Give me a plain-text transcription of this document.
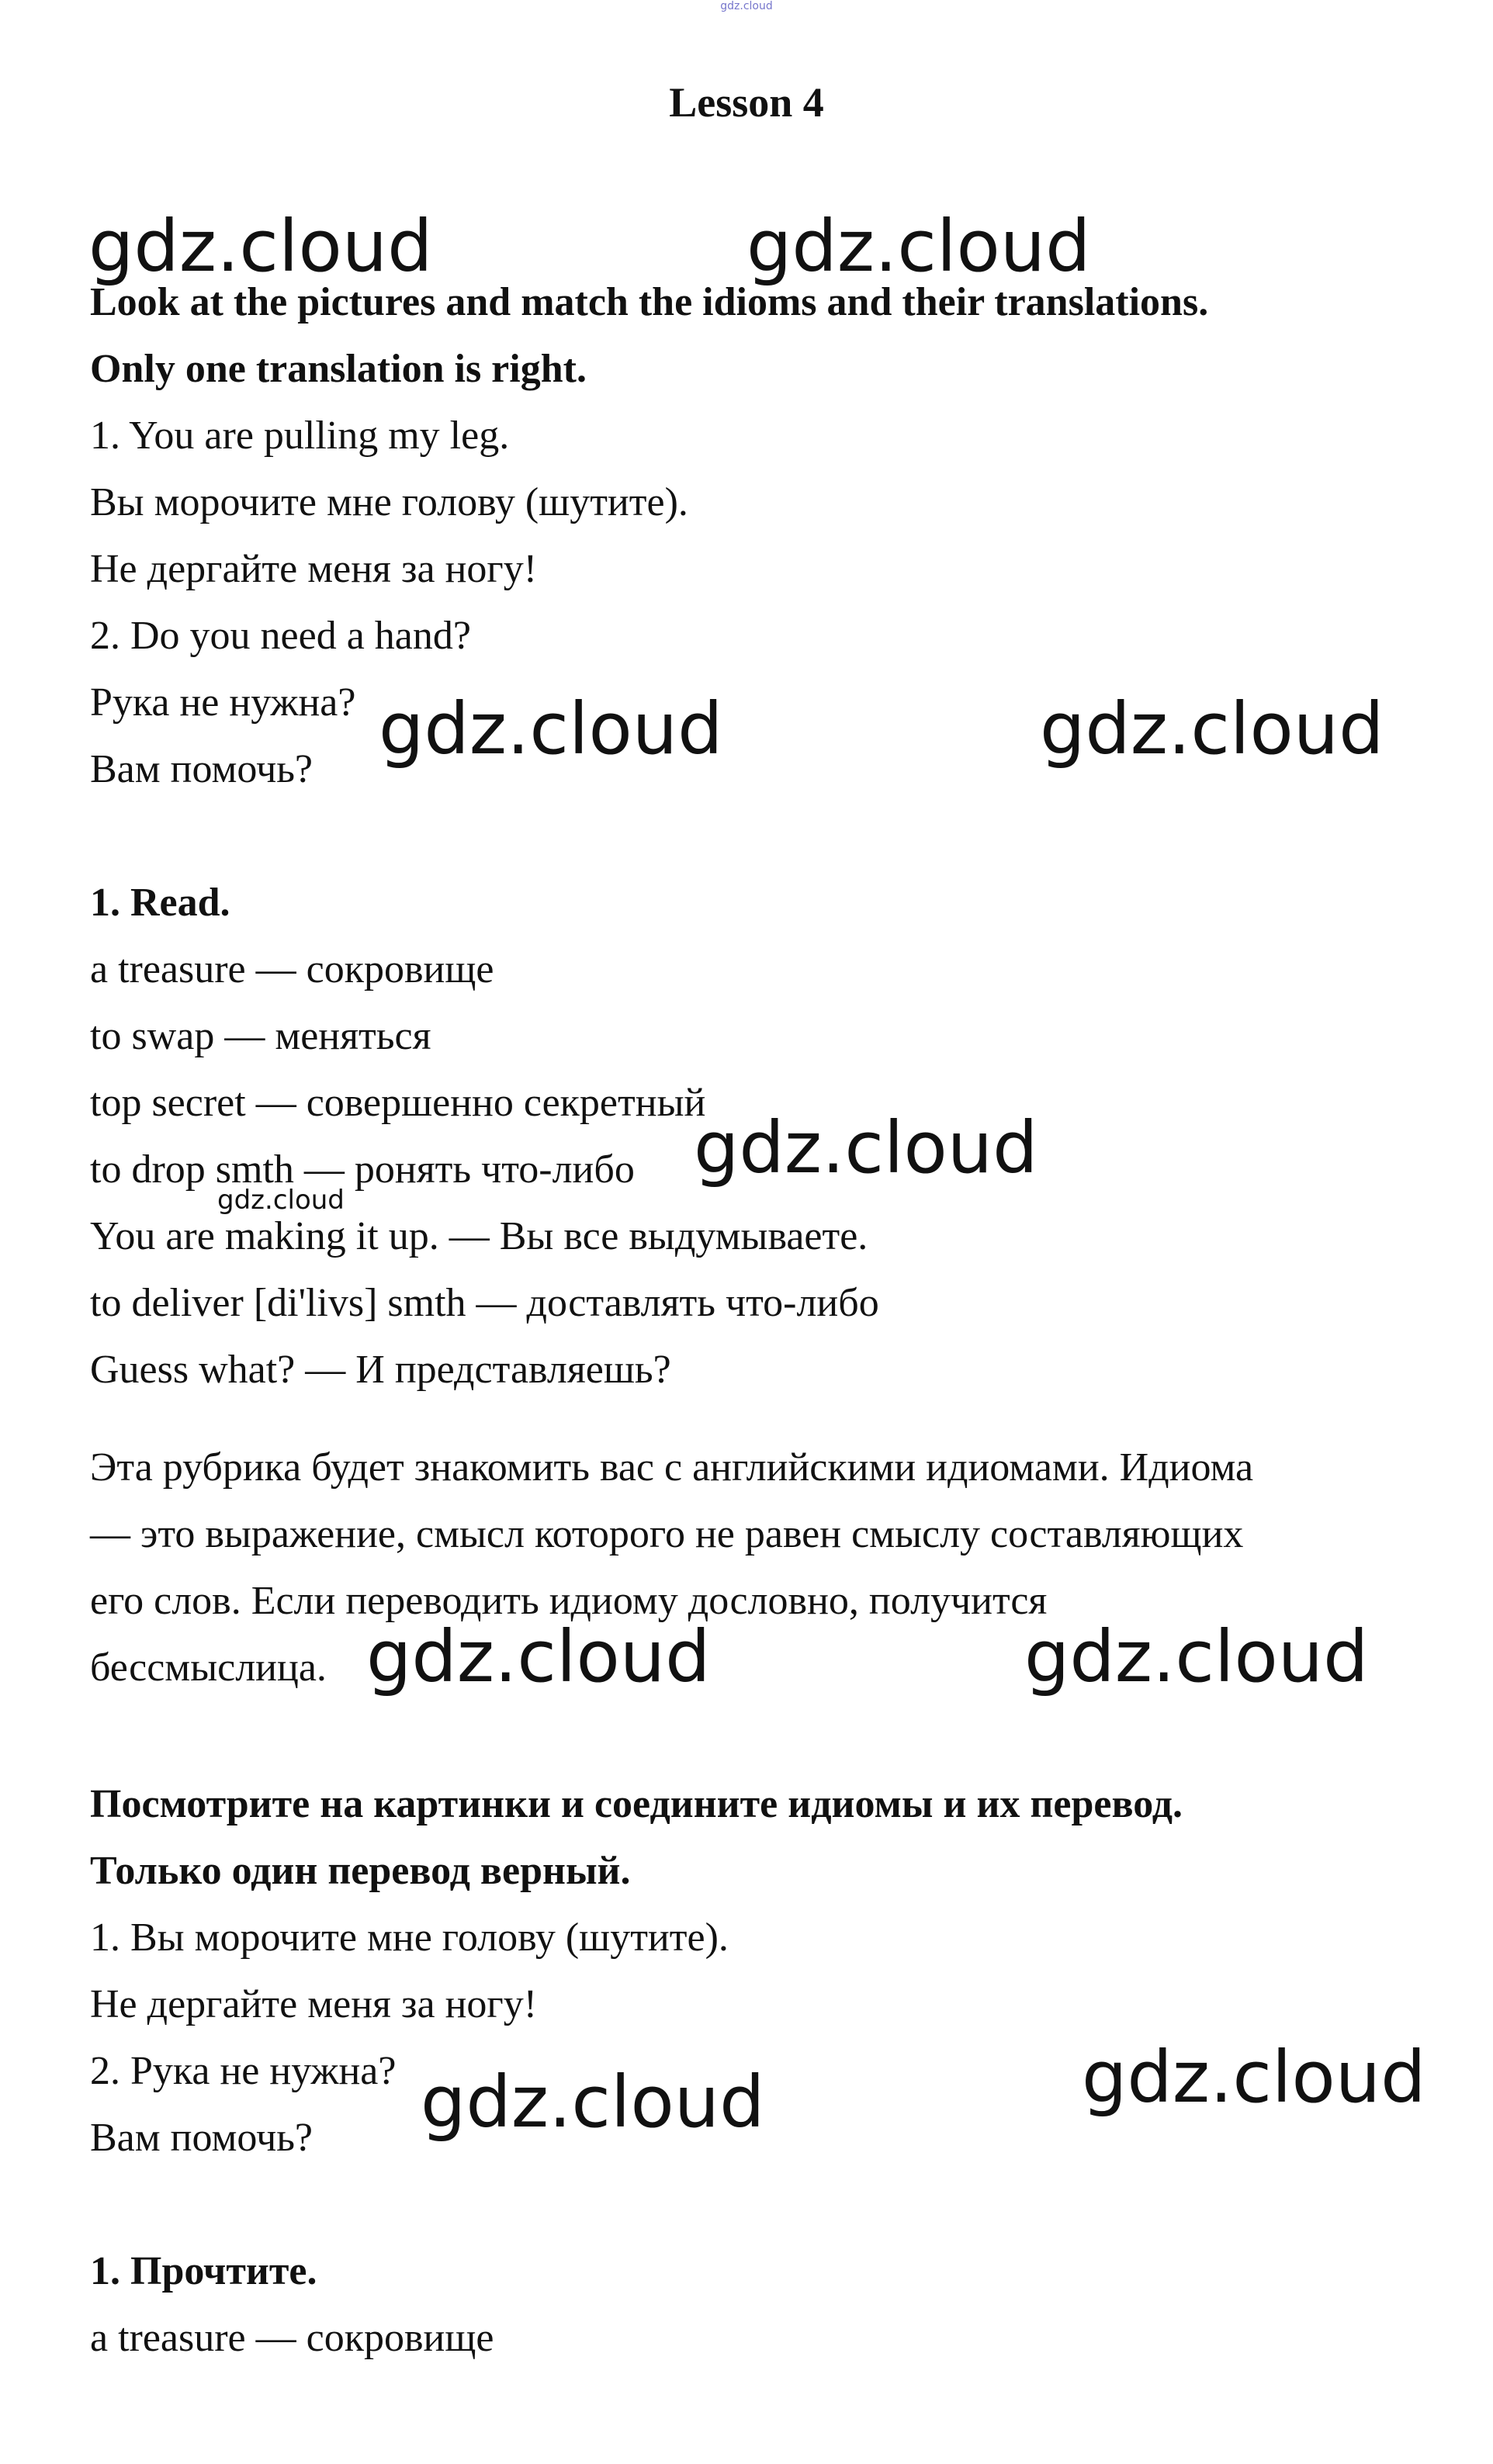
gdz.cloud
Lesson 4
Look at the pictures and match the idioms and their translations.
Only one translation is right.
1. You are pulling my leg.
Вы морочите мне голову (шутите).
Не дергайте меня за ногу!
2. Do you need a hand?
Рука не нужна?
Вам помочь?
1. Read.
a treasure — сокровище
to swap — меняться
top secret — совершенно секретный
to drop smth — ронять что-либо
You are making it up. — Вы все выдумываете.
to deliver [di'livs] smth — доставлять что-либо
Guess what? — И представляешь?
Эта рубрика будет знакомить вас с английскими идиомами. Идиома
— это выражение, смысл которого не равен смыслу составляющих
его слов. Если переводить идиому дословно, получится
бессмыслица.
Посмотрите на картинки и соедините идиомы и их перевод.
Только один перевод верный.
1. Вы морочите мне голову (шутите).
Не дергайте меня за ногу!
2. Рука не нужна?
Вам помочь?
1. Прочтите.
a treasure — сокровище
gdz.cloud	gdz.cloud
gdz.cloud	gdz.cloud
gdz.cloud
gdz.cloud
gdz.cloud	gdz.cloud
gdz.cloud	gdz.cloud
